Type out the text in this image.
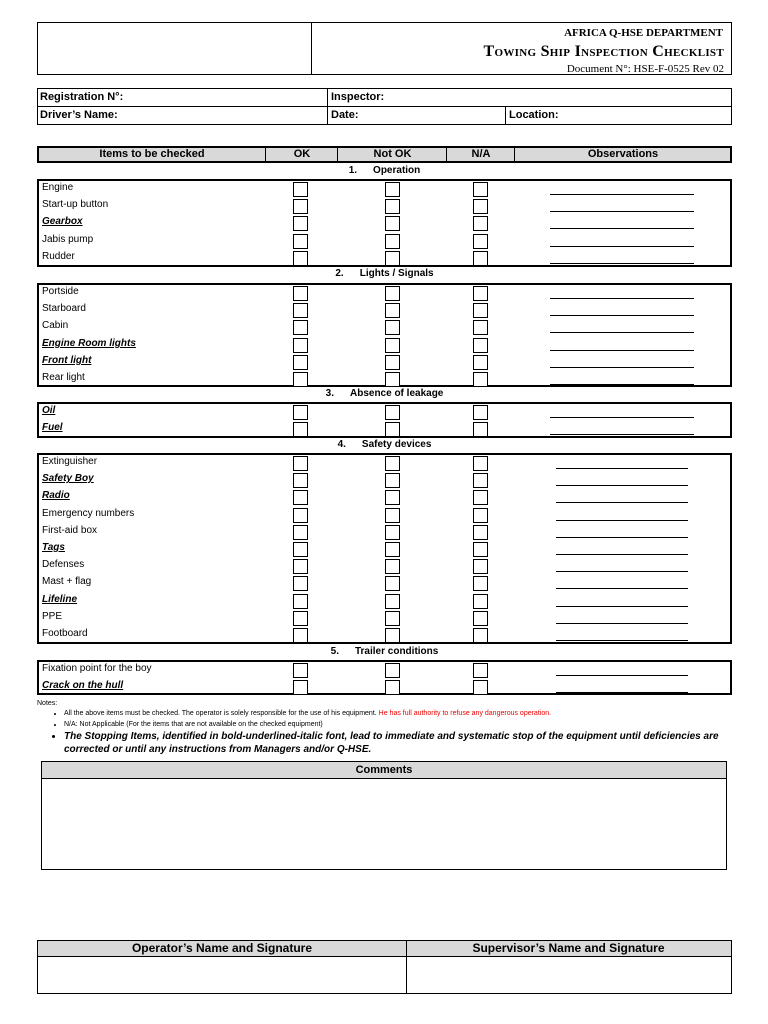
AFRICA Q-HSE DEPARTMENT
Towing Ship Inspection Checklist
Document N°: HSE-F-0525 Rev 02
Registration N°:	Inspector:
Driver’s Name:	Date:	Location:
Items to be checked	OK	Not OK	N/A	Observations
1. Operation
Engine
Start-up button
Gearbox
Jabis pump
Rudder
2. Lights / Signals
Portside
Starboard
Cabin
Engine Room lights
Front light
Rear light
3. Absence of leakage
Oil
Fuel
4. Safety devices
Extinguisher
Safety Boy
Radio
Emergency numbers
First-aid box
Tags
Defenses
Mast + flag
Lifeline
PPE
Footboard
5. Trailer conditions
Fixation point for the boy
Crack on the hull
Notes:
• All the above items must be checked. The operator is solely responsible for the use of his equipment. He has full authority to refuse any dangerous operation.
• N/A: Not Applicable (For the items that are not available on the checked equipment)
• The Stopping Items, identified in bold-underlined-italic font, lead to immediate and systematic stop of the equipment until deficiencies are corrected or until any instructions from Managers and/or Q-HSE.
Comments
Operator’s Name and Signature	Supervisor’s Name and Signature
